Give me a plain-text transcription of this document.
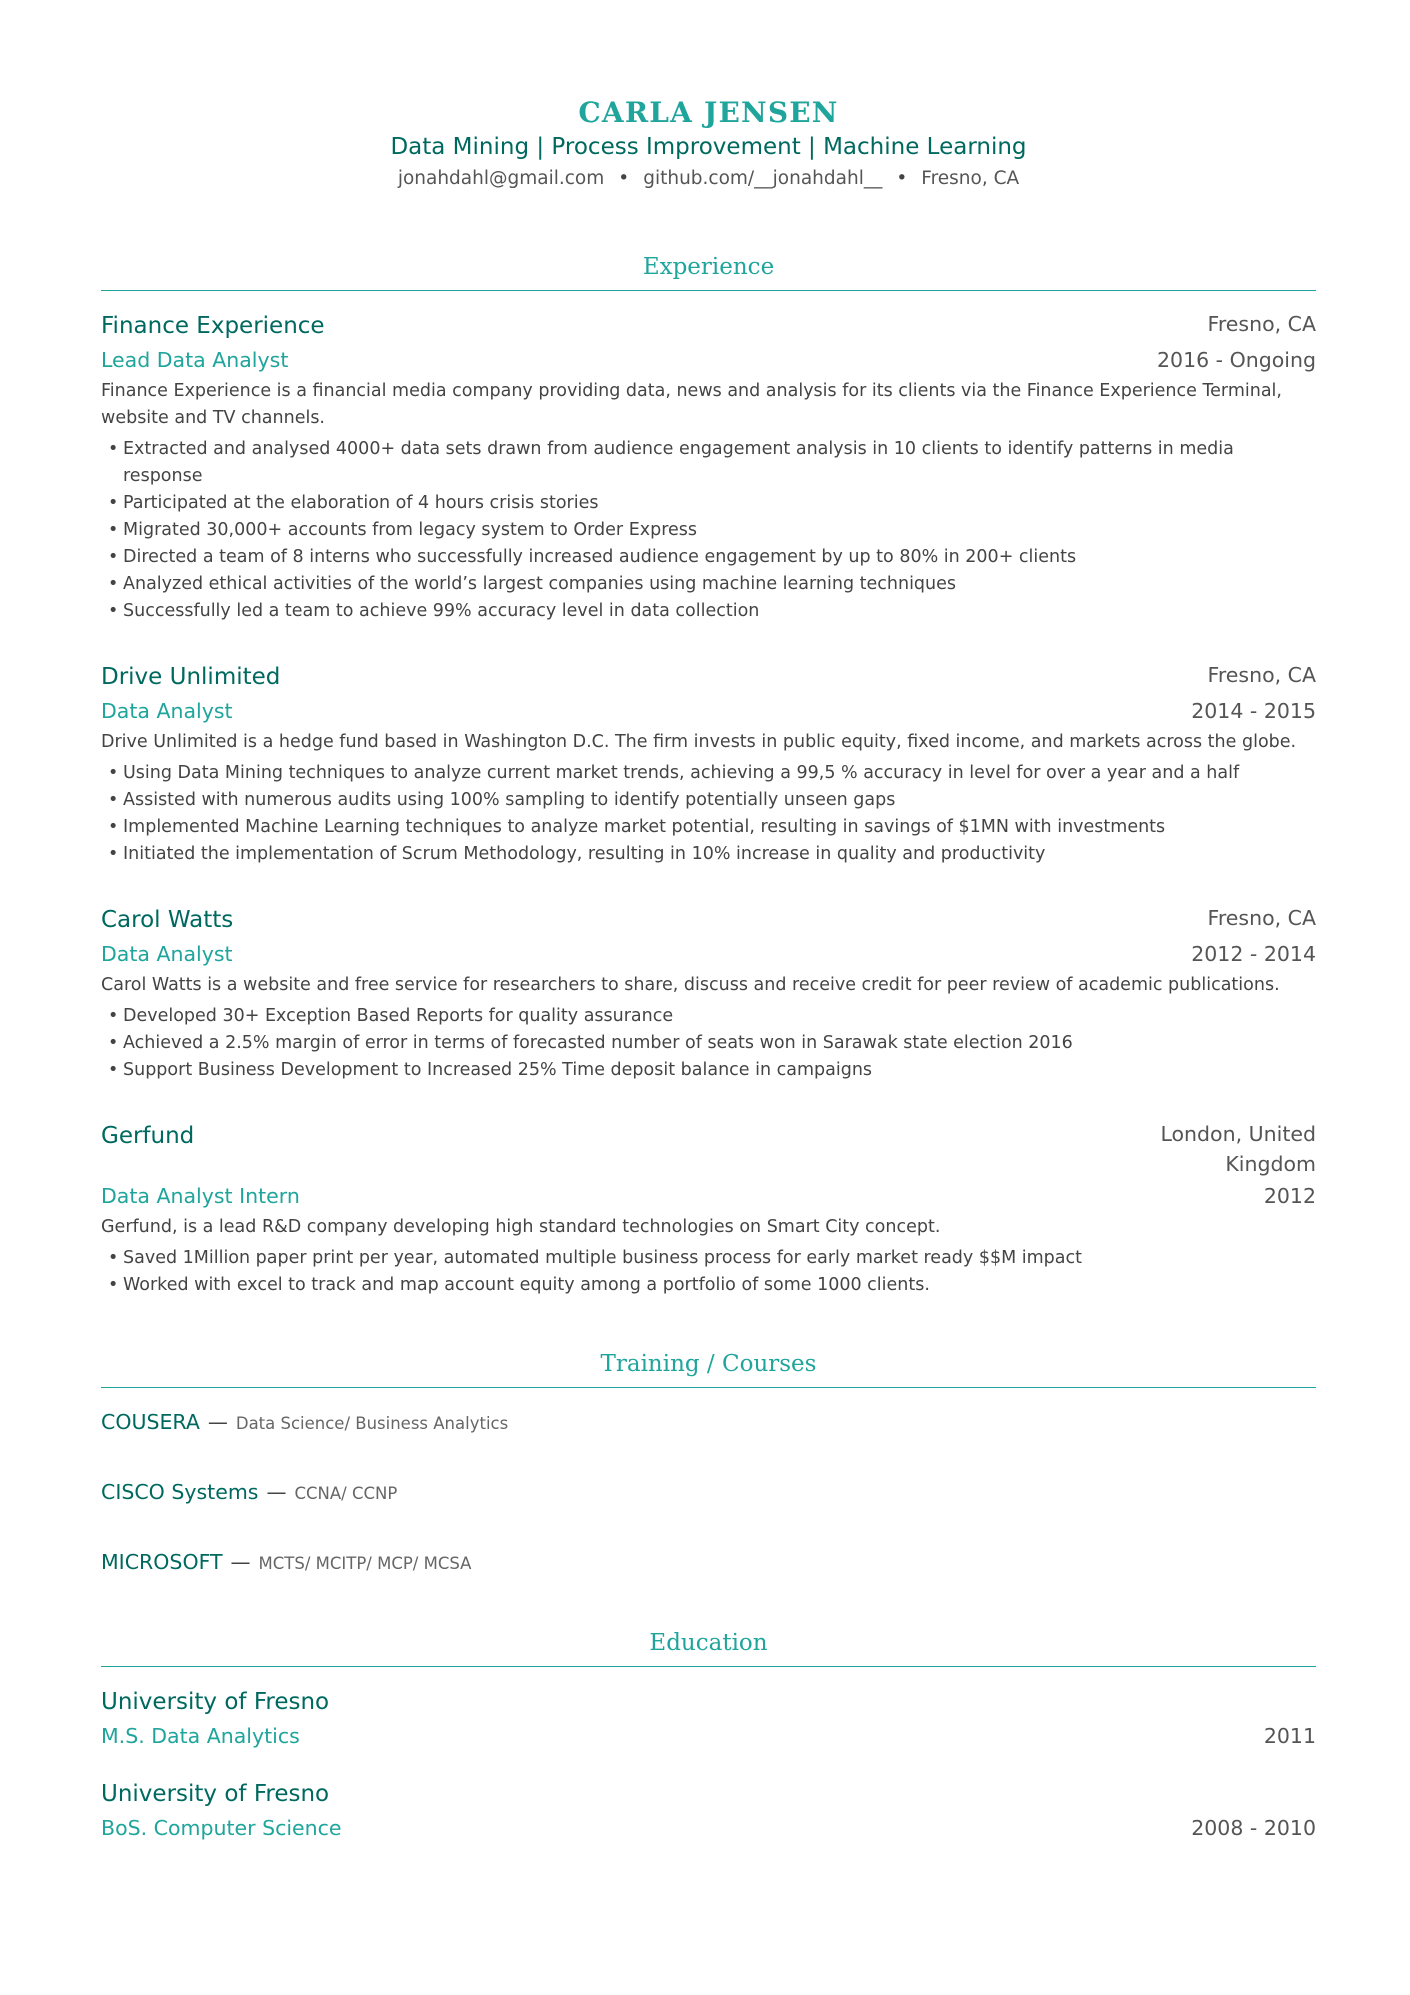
CARLA JENSEN
Data Mining | Process Improvement | Machine Learning
jonahdahl@gmail.com • github.com/__jonahdahl__ • Fresno, CA
Experience
Finance Experience	Fresno, CA
Lead Data Analyst	2016 - Ongoing
Finance Experience is a financial media company providing data, news and analysis for its clients via the Finance Experience Terminal, website and TV channels.
• Extracted and analysed 4000+ data sets drawn from audience engagement analysis in 10 clients to identify patterns in media response
• Participated at the elaboration of 4 hours crisis stories
• Migrated 30,000+ accounts from legacy system to Order Express
• Directed a team of 8 interns who successfully increased audience engagement by up to 80% in 200+ clients
• Analyzed ethical activities of the world’s largest companies using machine learning techniques
• Successfully led a team to achieve 99% accuracy level in data collection
Drive Unlimited	Fresno, CA
Data Analyst	2014 - 2015
Drive Unlimited is a hedge fund based in Washington D.C. The firm invests in public equity, fixed income, and markets across the globe.
• Using Data Mining techniques to analyze current market trends, achieving a 99,5 % accuracy in level for over a year and a half
• Assisted with numerous audits using 100% sampling to identify potentially unseen gaps
• Implemented Machine Learning techniques to analyze market potential, resulting in savings of $1MN with investments
• Initiated the implementation of Scrum Methodology, resulting in 10% increase in quality and productivity
Carol Watts	Fresno, CA
Data Analyst	2012 - 2014
Carol Watts is a website and free service for researchers to share, discuss and receive credit for peer review of academic publications.
• Developed 30+ Exception Based Reports for quality assurance
• Achieved a 2.5% margin of error in terms of forecasted number of seats won in Sarawak state election 2016
• Support Business Development to Increased 25% Time deposit balance in campaigns
Gerfund	London, United Kingdom
Data Analyst Intern	2012
Gerfund, is a lead R&D company developing high standard technologies on Smart City concept.
• Saved 1Million paper print per year, automated multiple business process for early market ready $$M impact
• Worked with excel to track and map account equity among a portfolio of some 1000 clients.
Training / Courses
COUSERA — Data Science/ Business Analytics
CISCO Systems — CCNA/ CCNP
MICROSOFT — MCTS/ MCITP/ MCP/ MCSA
Education
University of Fresno
M.S. Data Analytics	2011
University of Fresno
BoS. Computer Science	2008 - 2010
